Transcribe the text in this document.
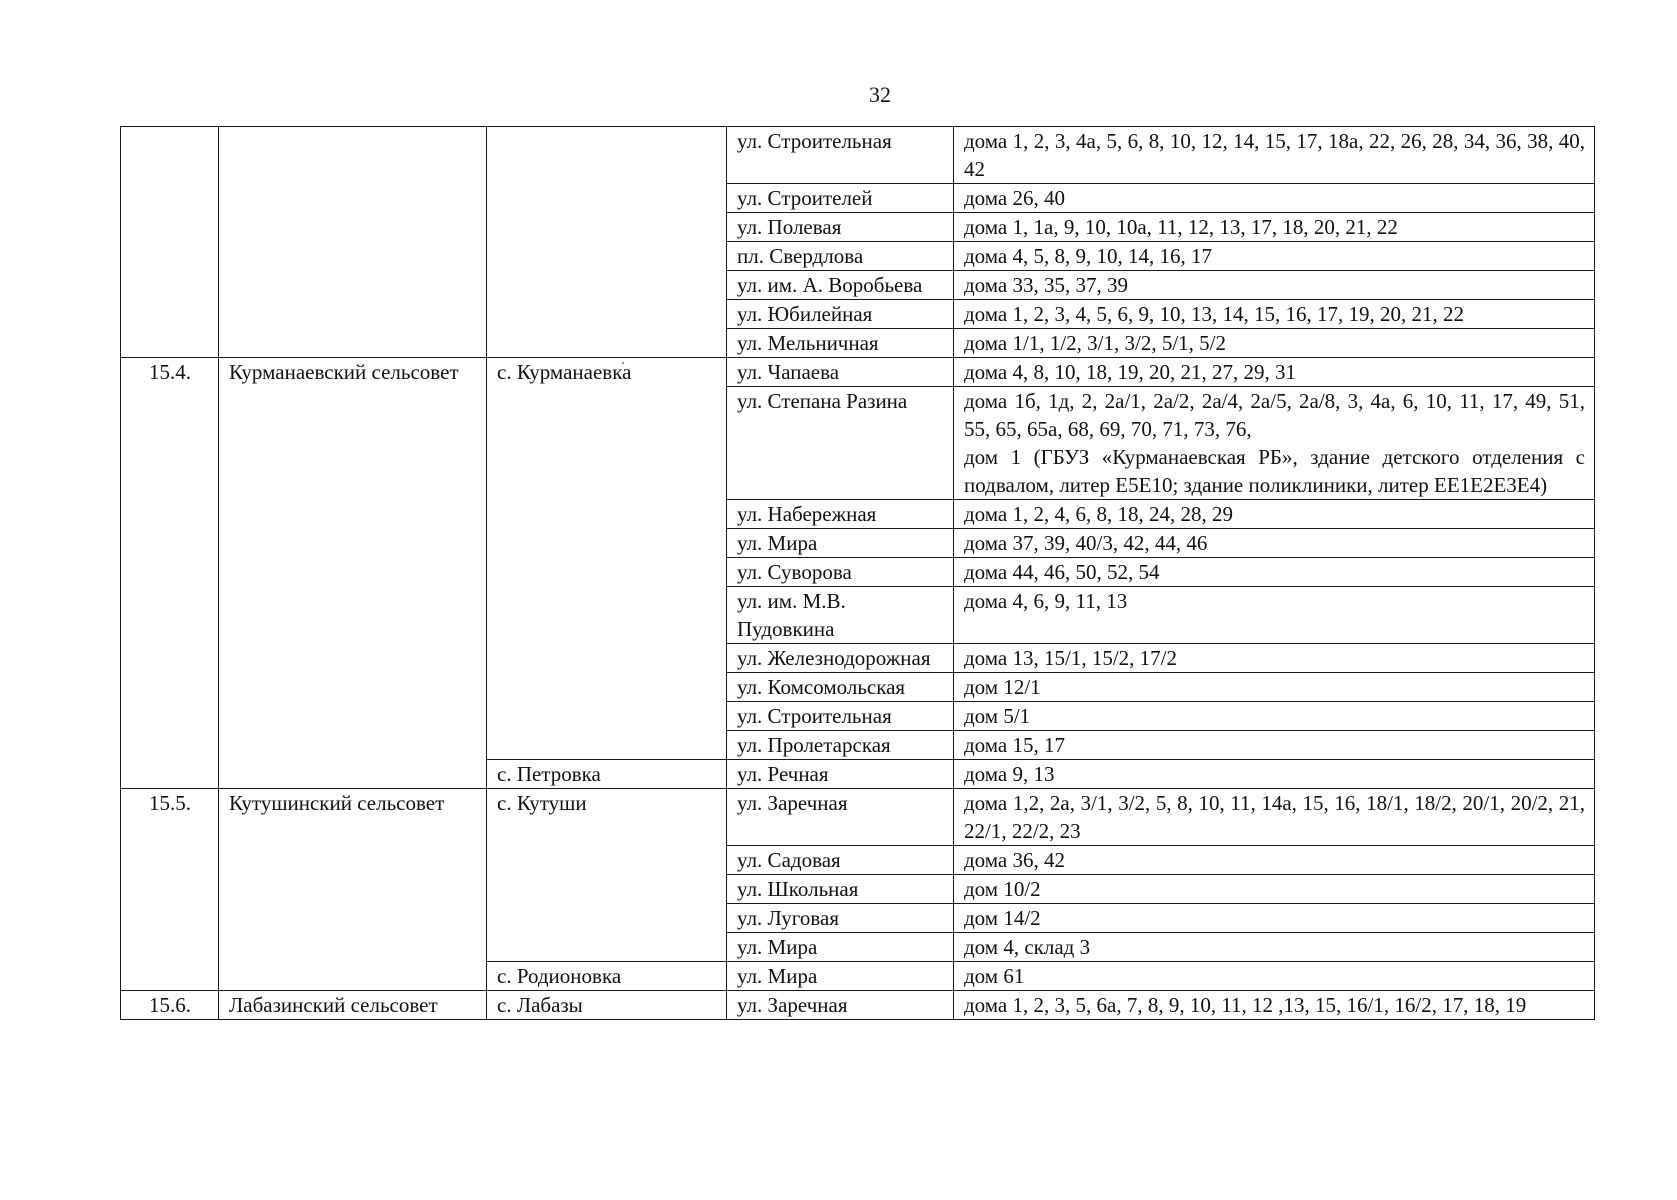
32
			ул. Строительная	дома 1, 2, 3, 4а, 5, 6, 8, 10, 12, 14, 15, 17, 18а, 22, 26, 28, 34, 36, 38, 40, 42
			ул. Строителей	дома 26, 40
			ул. Полевая	дома 1, 1а, 9, 10, 10а, 11, 12, 13, 17, 18, 20, 21, 22
			пл. Свердлова	дома 4, 5, 8, 9, 10, 14, 16, 17
			ул. им. А. Воробьева	дома 33, 35, 37, 39
			ул. Юбилейная	дома 1, 2, 3, 4, 5, 6, 9, 10, 13, 14, 15, 16, 17, 19, 20, 21, 22
			ул. Мельничная	дома 1/1, 1/2, 3/1, 3/2, 5/1, 5/2
15.4.	Курманаевский сельсовет	с. Курманаевка	ул. Чапаева	дома 4, 8, 10, 18, 19, 20, 21, 27, 29, 31
			ул. Степана Разина	дома 1б, 1д, 2, 2а/1, 2а/2, 2а/4, 2а/5, 2а/8, 3, 4а, 6, 10, 11, 17, 49, 51, 55, 65, 65а, 68, 69, 70, 71, 73, 76,
дом 1 (ГБУЗ «Курманаевская РБ», здание детского отделения с подвалом, литер Е5Е10; здание поликлиники, литер ЕЕ1Е2Е3Е4)

			ул. Набережная	дома 1, 2, 4, 6, 8, 18, 24, 28, 29
			ул. Мира	дома 37, 39, 40/3, 42, 44, 46
			ул. Суворова	дома 44, 46, 50, 52, 54
			ул. им. М.В. Пудовкина	дома 4, 6, 9, 11, 13
			ул. Железнодорожная	дома 13, 15/1, 15/2, 17/2
			ул. Комсомольская	дом 12/1
			ул. Строительная	дом 5/1
			ул. Пролетарская	дома 15, 17
		с. Петровка	ул. Речная	дома 9, 13
15.5.	Кутушинский сельсовет	с. Кутуши	ул. Заречная	дома 1,2, 2а, 3/1, 3/2, 5, 8, 10, 11, 14а, 15, 16, 18/1, 18/2, 20/1, 20/2, 21, 22/1, 22/2, 23
			ул. Садовая	дома 36, 42
			ул. Школьная	дом 10/2
			ул. Луговая	дом 14/2
			ул. Мира	дом 4, склад 3
		с. Родионовка	ул. Мира	дом 61
15.6.	Лабазинский сельсовет	с. Лабазы	ул. Заречная	дома 1, 2, 3, 5, 6а, 7, 8, 9, 10, 11, 12 ,13, 15, 16/1, 16/2, 17, 18, 19
